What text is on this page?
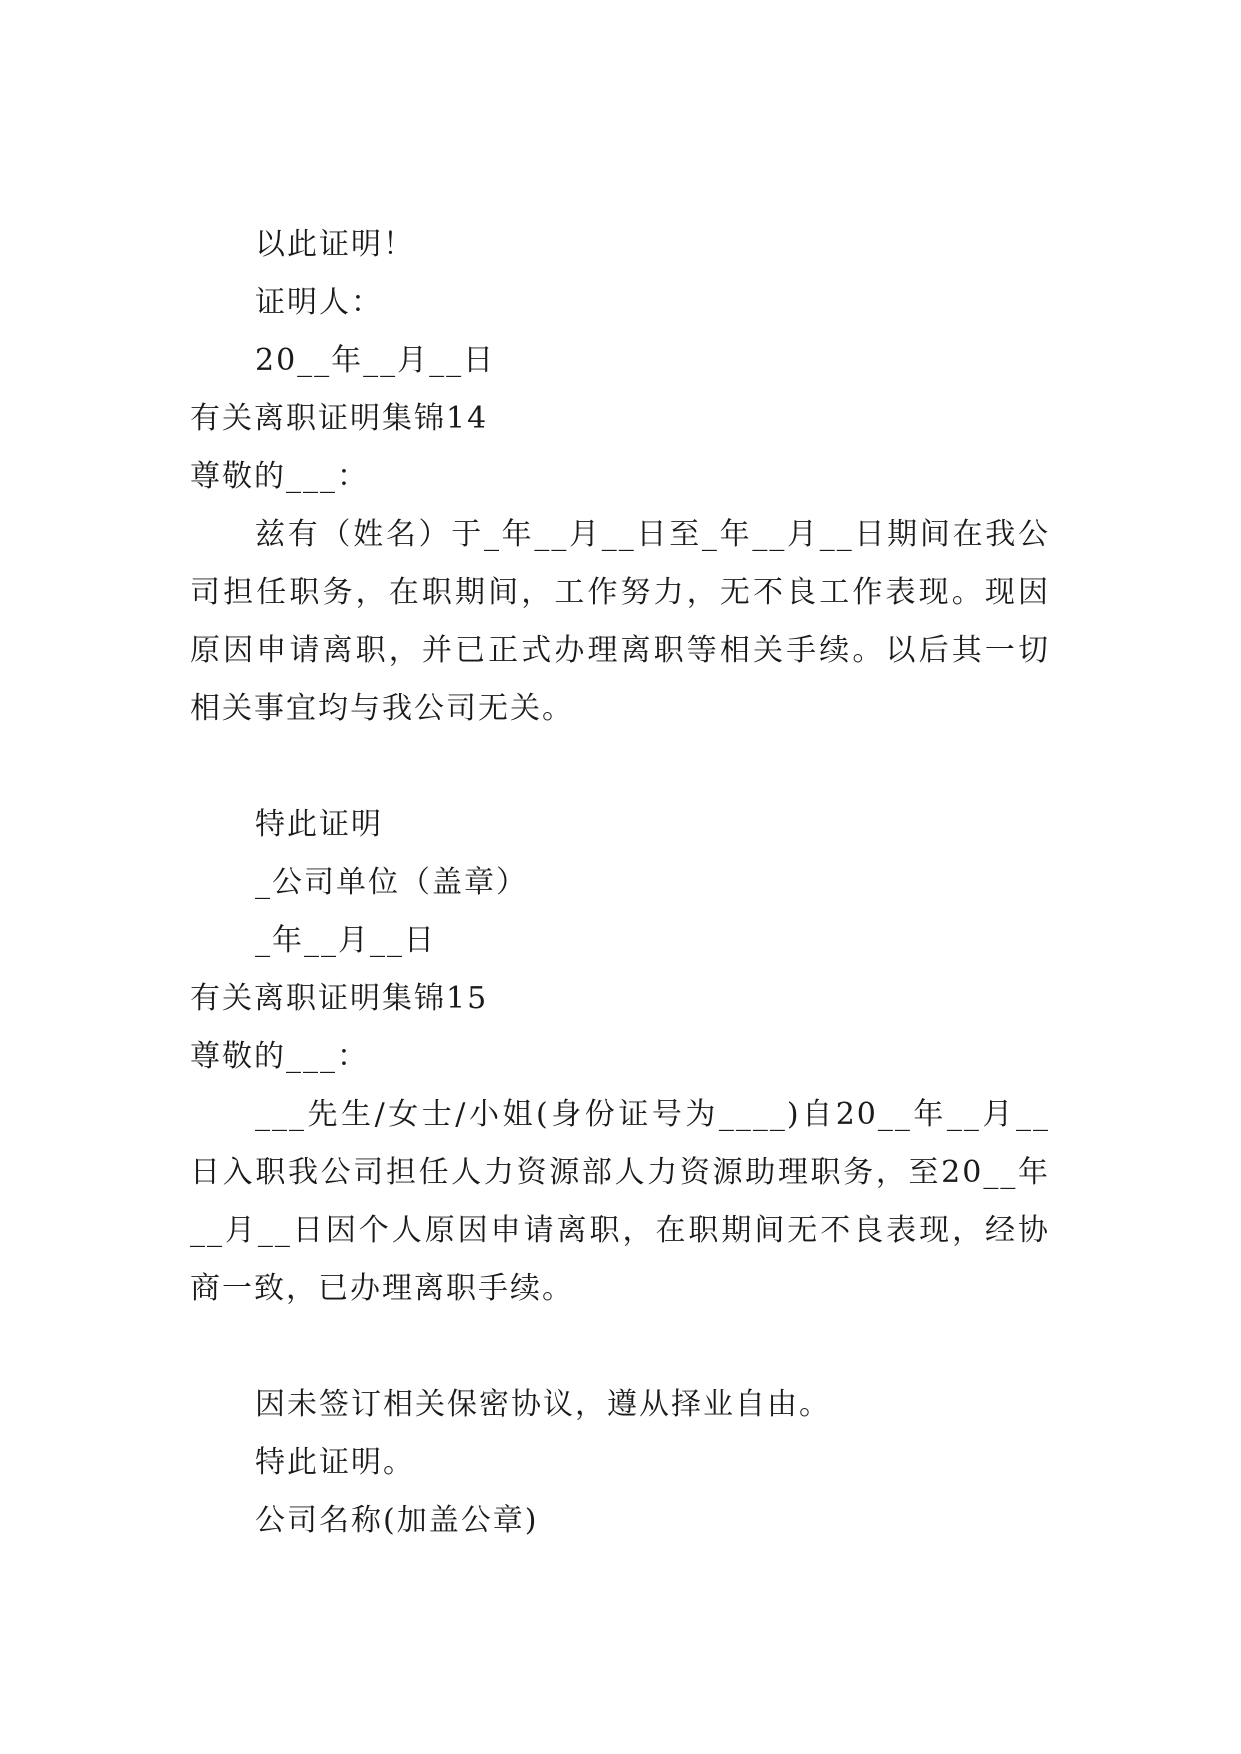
以此证明！
证明人：
20__年__月__日
有关离职证明集锦14
尊敬的___：
兹有（姓名）于_年__月__日至_年__月__日期间在我公
司担任职务，在职期间，工作努力，无不良工作表现。现因
原因申请离职，并已正式办理离职等相关手续。以后其一切
相关事宜均与我公司无关。
特此证明
_公司单位（盖章）
_年__月__日
有关离职证明集锦15
尊敬的___：
___先生/女士/小姐(身份证号为____)自20__年__月__
日入职我公司担任人力资源部人力资源助理职务，至20__年
__月__日因个人原因申请离职，在职期间无不良表现，经协
商一致，已办理离职手续。
因未签订相关保密协议，遵从择业自由。
特此证明。
公司名称(加盖公章)
